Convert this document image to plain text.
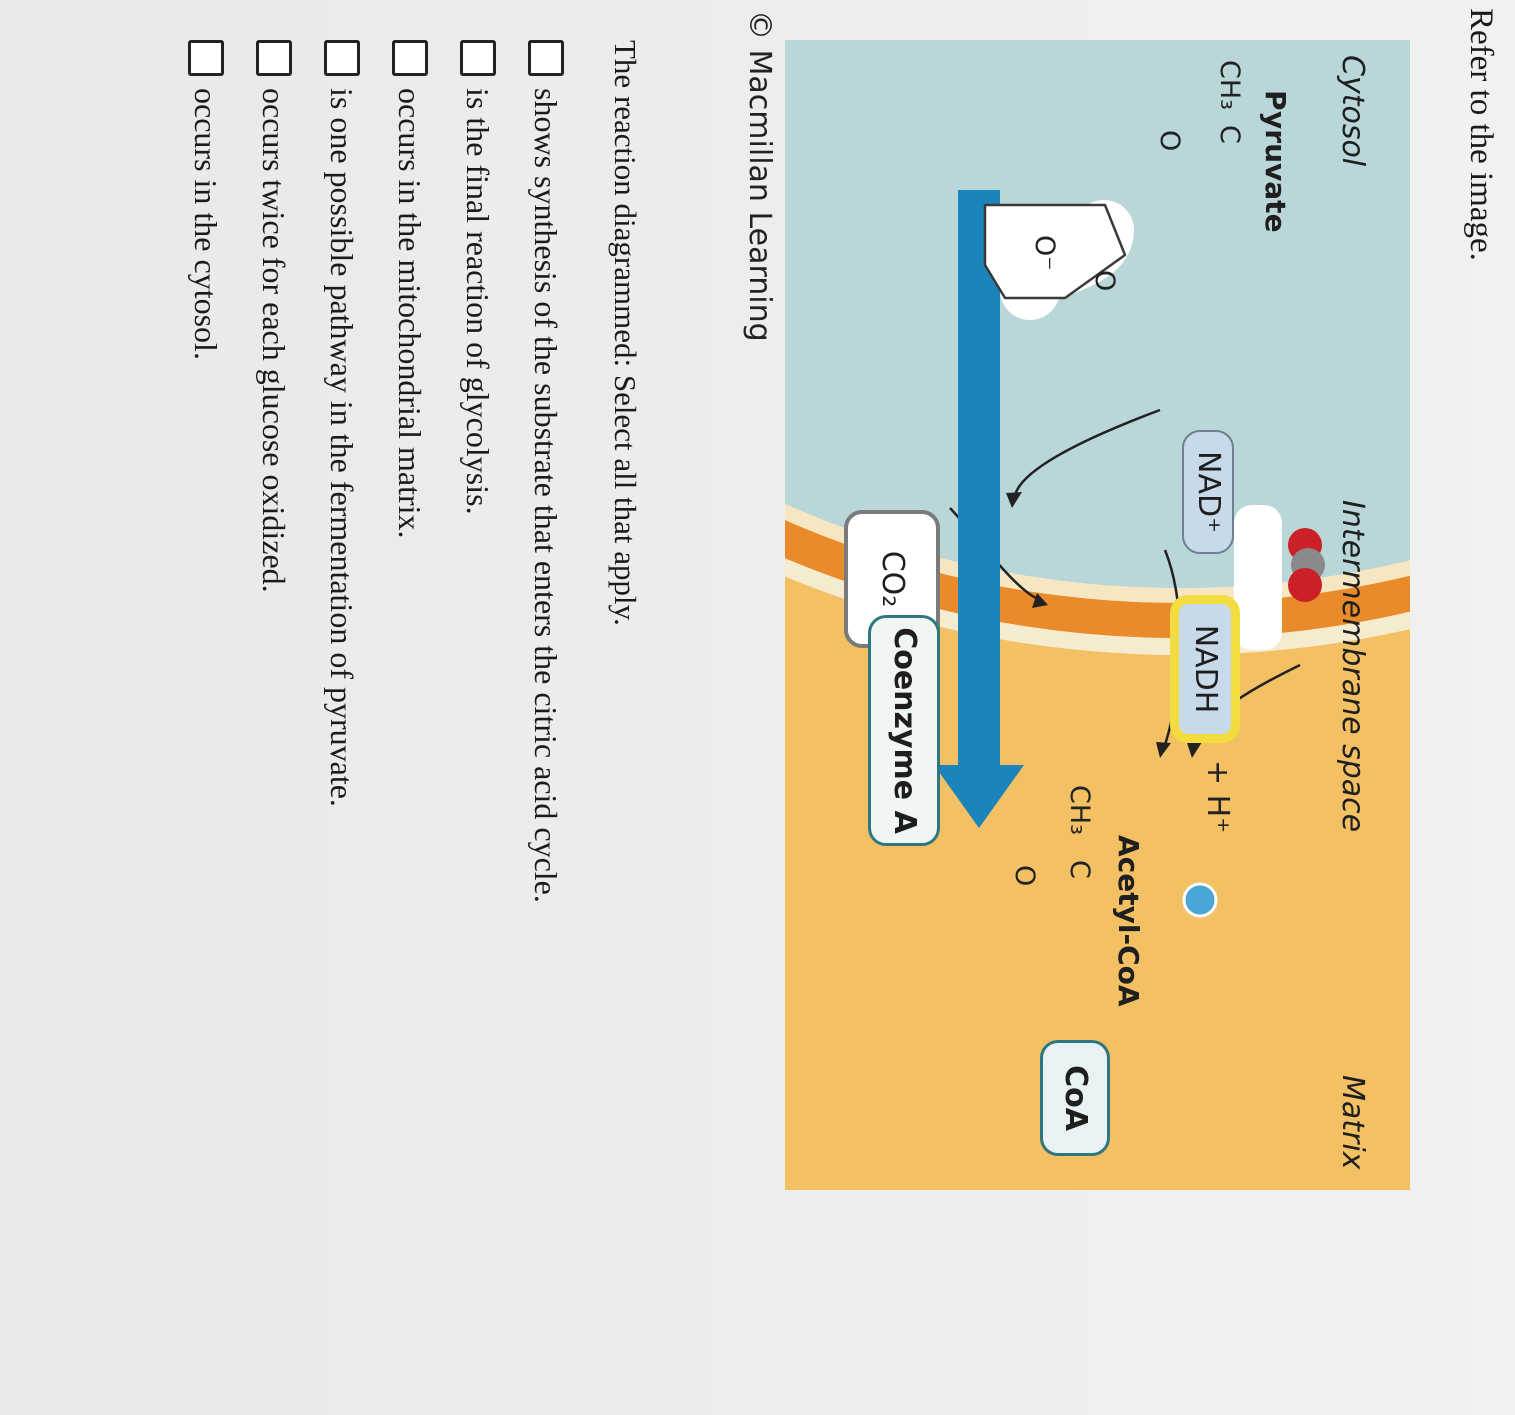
Refer to the image.
Cytosol
Intermembrane space
Matrix
Pyruvate
CH₃
C
O
O
O⁻
NAD⁺
NADH
+ H⁺
Acetyl-CoA
CH₃
C
O
CoA
CO₂
Coenzyme A
© Macmillan Learning
The reaction diagrammed: Select all that apply.
shows synthesis of the substrate that enters the citric acid cycle.
is the final reaction of glycolysis.
occurs in the mitochondrial matrix.
is one possible pathway in the fermentation of pyruvate.
occurs twice for each glucose oxidized.
occurs in the cytosol.
